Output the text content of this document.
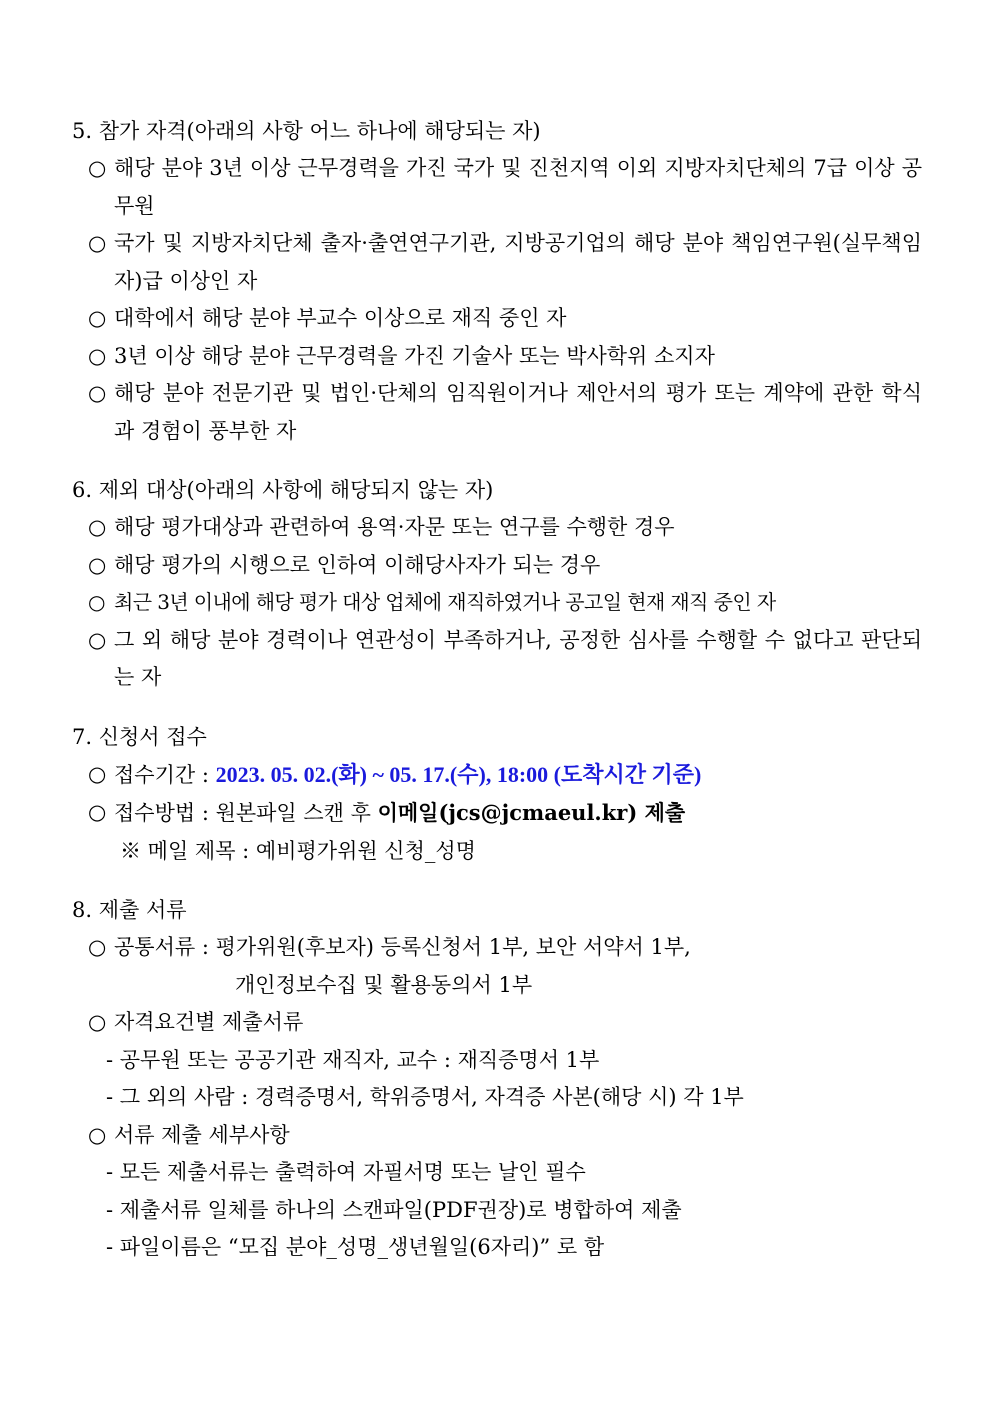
5. 참가 자격(아래의 사항 어느 하나에 해당되는 자)
○ 해당 분야 3년 이상 근무경력을 가진 국가 및 진천지역 이외 지방자치단체의 7급 이상 공무원
○ 국가 및 지방자치단체 출자·출연연구기관, 지방공기업의 해당 분야 책임연구원(실무책임자)급 이상인 자
○ 대학에서 해당 분야 부교수 이상으로 재직 중인 자
○ 3년 이상 해당 분야 근무경력을 가진 기술사 또는 박사학위 소지자
○ 해당 분야 전문기관 및 법인·단체의 임직원이거나 제안서의 평가 또는 계약에 관한 학식과 경험이 풍부한 자
6. 제외 대상(아래의 사항에 해당되지 않는 자)
○ 해당 평가대상과 관련하여 용역·자문 또는 연구를 수행한 경우
○ 해당 평가의 시행으로 인하여 이해당사자가 되는 경우
○ 최근 3년 이내에 해당 평가 대상 업체에 재직하였거나 공고일 현재 재직 중인 자
○ 그 외 해당 분야 경력이나 연관성이 부족하거나, 공정한 심사를 수행할 수 없다고 판단되는 자
7. 신청서 접수
○ 접수기간 : 2023. 05. 02.(화) ~ 05. 17.(수), 18:00 (도착시간 기준)
○ 접수방법 : 원본파일 스캔 후 이메일(jcs@jcmaeul.kr) 제출
※ 메일 제목 : 예비평가위원 신청_성명
8. 제출 서류
○ 공통서류 : 평가위원(후보자) 등록신청서 1부, 보안 서약서 1부,
개인정보수집 및 활용동의서 1부
○ 자격요건별 제출서류
- 공무원 또는 공공기관 재직자, 교수 : 재직증명서 1부
- 그 외의 사람 : 경력증명서, 학위증명서, 자격증 사본(해당 시) 각 1부
○ 서류 제출 세부사항
- 모든 제출서류는 출력하여 자필서명 또는 날인 필수
- 제출서류 일체를 하나의 스캔파일(PDF권장)로 병합하여 제출
- 파일이름은 “모집 분야_성명_생년월일(6자리)” 로 함
